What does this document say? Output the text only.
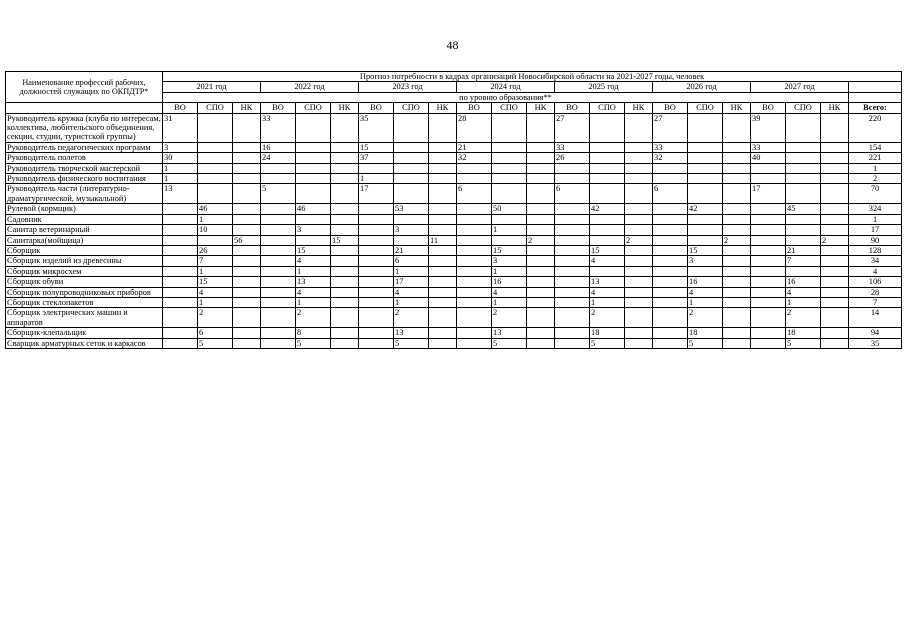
48
Наименование профессий рабочих, должностей служащих по ОКПДТР*	Прогноз потребности в кадрах организаций Новосибирской области на 2021-2027 годы, человек																					
	2021 год			2022 год			2023 год			2024 год			2025 год			2026 год			2027 год			
	по уровню образования**																					
	ВО	СПО	НК	ВО	СПО	НК	ВО	СПО	НК	ВО	СПО	НК	ВО	СПО	НК	ВО	СПО	НК	ВО	СПО	НК	Всего:
Руководитель кружка (клуба по интересам, коллектива, любительского объединения, секции, студии, туристской группы)	31			33			35			28			27			27			39			220
Руководитель педагогических программ	3			16			15			21			33			33			33			154
Руководитель полетов	30			24			37			32			26			32			40			221
Руководитель творческой мастерской	1																					1
Руководитель физического воспитания	1						1															2
Руководитель части (литературно-драматургической, музыкальной)	13			5			17			6			6			6			17			70
Рулевой (кормщик)		46			46			53			50			42			42			45		324
Садовник		1																				1
Санитар ветеринарный		10			3			3			1											17
Санитарка(мойщица)			56			15			11			2			2			2			2	90
Сборщик		26			15			21			15			15			15			21		128
Сборщик изделий из древесины		7			4			6			3			4			3			7		34
Сборщик микросхем		1			1			1			1											4
Сборщик обуви		15			13			17			16			13			16			16		106
Сборщик полупроводниковых приборов		4			4			4			4			4			4			4		28
Сборщик стеклопакетов		1			1			1			1			1			1			1		7
Сборщик электрических машин и аппаратов		2			2			2			2			2			2			2		14
Сборщик-клепальщик		6			8			13			13			18			18			18		94
Сварщик арматурных сеток и каркасов		5			5			5			5			5			5			5		35
